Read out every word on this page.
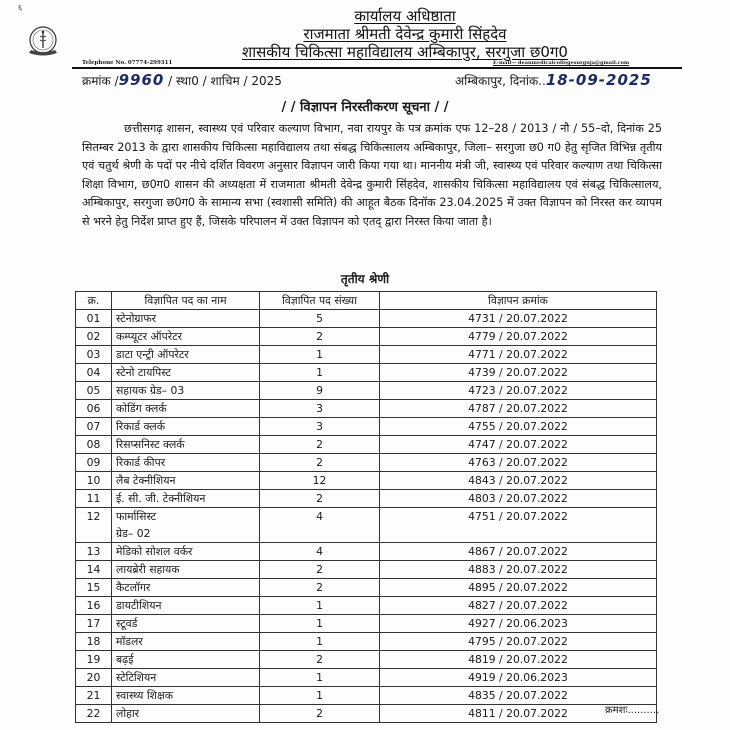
६	कार्यालय अधिष्ठाता
राजमाता श्रीमती देवेन्द्र कुमारी सिंहदेव
शासकीय चिकित्सा महाविद्यालय अम्बिकापुर, सरगुजा छ0ग0
Telephone No. 07774-299311	E-mail— deanmedicalcollegesurguja@gmail.com
क्रमांक /9960 / स्था0 / शाचिम / 2025	अम्बिकापुर, दिनांक..18-09-2025
/ / विज्ञापन निरस्तीकरण सूचना / /
छत्तीसगढ़ शासन, स्वास्थ्य एवं परिवार कल्याण विभाग, नवा रायपुर के पत्र क्रमांक एफ 12–28 / 2013 / नौ / 55–दो, दिनांक 25 सितम्बर 2013 के द्वारा शासकीय चिकित्सा महाविद्यालय तथा संबद्ध चिकित्सालय अम्बिकापुर, जिला– सरगुजा छ0 ग0 हेतु सृजित विभिन्न तृतीय एवं चतुर्थ श्रेणी के पदों पर नीचे दर्शित विवरण अनुसार विज्ञापन जारी किया गया था। माननीय मंत्री जी, स्वास्थ्य एवं परिवार कल्याण तथा चिकित्सा शिक्षा विभाग, छ0ग0 शासन की अध्यक्षता में राजमाता श्रीमती देवेन्द्र कुमारी सिंहदेव, शासकीय चिकित्सा महाविद्यालय एवं संबद्ध चिकित्सालय, अम्बिकापुर, सरगुजा छ0ग0 के सामान्य सभा (स्वशासी समिति) की आहूत बैठक दिनॉक 23.04.2025 में उक्त विज्ञापन को निरस्त कर व्यापम से भरने हेतु निर्देश प्राप्त हुए हैं, जिसके परिपालन में उक्त विज्ञापन को एतद् द्वारा निरस्त किया जाता है।
तृतीय श्रेणी
क्र.	विज्ञापित पद का नाम	विज्ञापित पद संख्या	विज्ञापन क्रमांक
01	स्टेनोग्राफर	5	4731 / 20.07.2022
02	कम्प्यूटर ऑपरेटर	2	4779 / 20.07.2022
03	डाटा एन्ट्री ऑपरेटर	1	4771 / 20.07.2022
04	स्टेनो टायपिस्ट	1	4739 / 20.07.2022
05	सहायक ग्रेड– 03	9	4723 / 20.07.2022
06	कोडिंग क्लर्क	3	4787 / 20.07.2022
07	रिकार्ड क्लर्क	3	4755 / 20.07.2022
08	रिसप्सनिस्ट क्लर्क	2	4747 / 20.07.2022
09	रिकार्ड कीपर	2	4763 / 20.07.2022
10	लैब टेक्नीशियन	12	4843 / 20.07.2022
11	ई. सी. जी. टेक्नीशियन	2	4803 / 20.07.2022
12	फार्मासिस्ट
ग्रेड– 02	4	4751 / 20.07.2022
13	मेडिको सोशल वर्कर	4	4867 / 20.07.2022
14	लायब्रेरी सहायक	2	4883 / 20.07.2022
15	कैटलॉगर	2	4895 / 20.07.2022
16	डायटीशियन	1	4827 / 20.07.2022
17	स्टूवर्ड	1	4927 / 20.06.2023
18	मॉडलर	1	4795 / 20.07.2022
19	बढ़ई	2	4819 / 20.07.2022
20	स्टेटिशियन	1	4919 / 20.06.2023
21	स्वास्थ्य शिक्षक	1	4835 / 20.07.2022
22	लोहार	2	4811 / 20.07.2022	क्रमशः..........
